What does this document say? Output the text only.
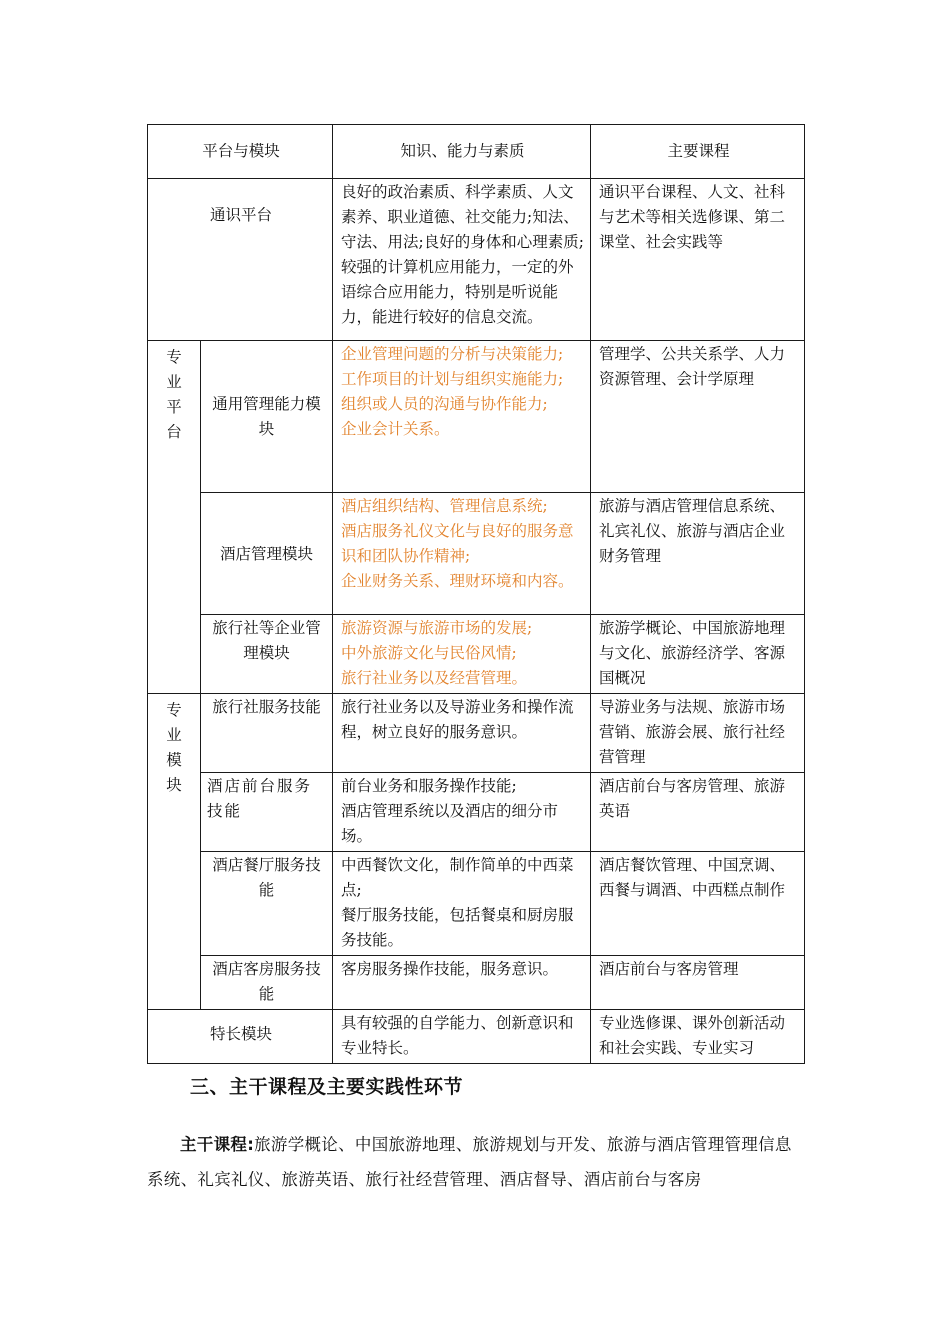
平台与模块		知识、能力与素质	主要课程
通识平台		良好的政治素质、科学素质、人文素养、职业道德、社交能力;知法、守法、用法;良好的身体和心理素质;较强的计算机应用能力，一定的外语综合应用能力，特别是听说能力，能进行较好的信息交流。	通识平台课程、人文、社科与艺术等相关选修课、第二课堂、社会实践等

专
业
平
台	通用管理能力模块	企业管理问题的分析与决策能力;
工作项目的计划与组织实施能力;
组织或人员的沟通与协作能力;
企业会计关系。	管理学、公共关系学、人力资源管理、会计学原理
	酒店管理模块	酒店组织结构、管理信息系统;
酒店服务礼仪文化与良好的服务意识和团队协作精神;
企业财务关系、理财环境和内容。	旅游与酒店管理信息系统、礼宾礼仪、旅游与酒店企业财务管理
	旅行社等企业管理模块	旅游资源与旅游市场的发展;
中外旅游文化与民俗风情;
旅行社业务以及经营管理。	旅游学概论、中国旅游地理与文化、旅游经济学、客源国概况

专
业
模
块	旅行社服务技能	旅行社业务以及导游业务和操作流程，树立良好的服务意识。	导游业务与法规、旅游市场营销、旅游会展、旅行社经营管理
	酒店前台服务技能	前台业务和服务操作技能;
酒店管理系统以及酒店的细分市场。	酒店前台与客房管理、旅游英语
	酒店餐厅服务技能	中西餐饮文化，制作简单的中西菜点;
餐厅服务技能，包括餐桌和厨房服务技能。	酒店餐饮管理、中国烹调、西餐与调酒、中西糕点制作
	酒店客房服务技能	客房服务操作技能，服务意识。	酒店前台与客房管理
特长模块		具有较强的自学能力、创新意识和专业特长。	专业选修课、课外创新活动和社会实践、专业实习
三、主干课程及主要实践性环节

主干课程:旅游学概论、中国旅游地理、旅游规划与开发、旅游与酒店管理管理信息系统、礼宾礼仪、旅游英语、旅行社经营管理、酒店督导、酒店前台与客房
